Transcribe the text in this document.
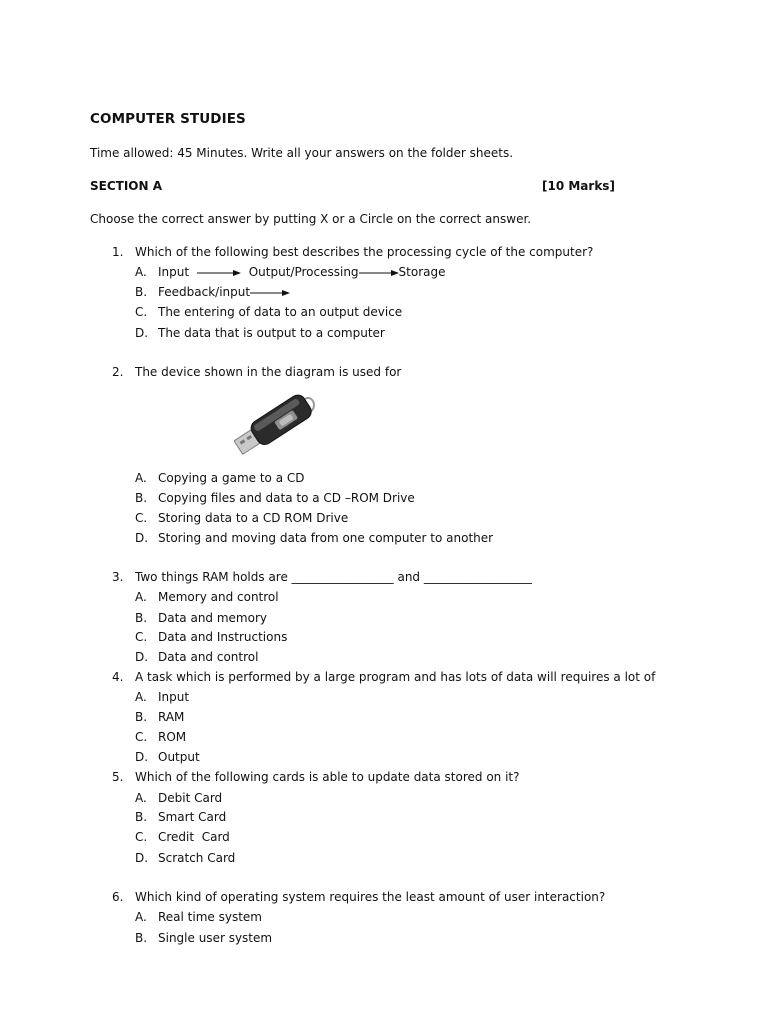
COMPUTER STUDIES
Time allowed: 45 Minutes. Write all your answers on the folder sheets.
SECTION A	[10 Marks]
Choose the correct answer by putting X or a Circle on the correct answer.
1. Which of the following best describes the processing cycle of the computer?
A. Input	Output/Processing	Storage
B. Feedback/input
C. The entering of data to an output device
D. The data that is output to a computer
2. The device shown in the diagram is used for
A. Copying a game to a CD
B. Copying files and data to a CD –ROM Drive
C. Storing data to a CD ROM Drive
D. Storing and moving data from one computer to another
3. Two things RAM holds are _________________ and __________________
A. Memory and control
B. Data and memory
C. Data and Instructions
D. Data and control
4. A task which is performed by a large program and has lots of data will requires a lot of
A. Input
B. RAM
C. ROM
D. Output
5. Which of the following cards is able to update data stored on it?
A. Debit Card
B. Smart Card
C. Credit  Card
D. Scratch Card
6. Which kind of operating system requires the least amount of user interaction?
A. Real time system
B. Single user system
